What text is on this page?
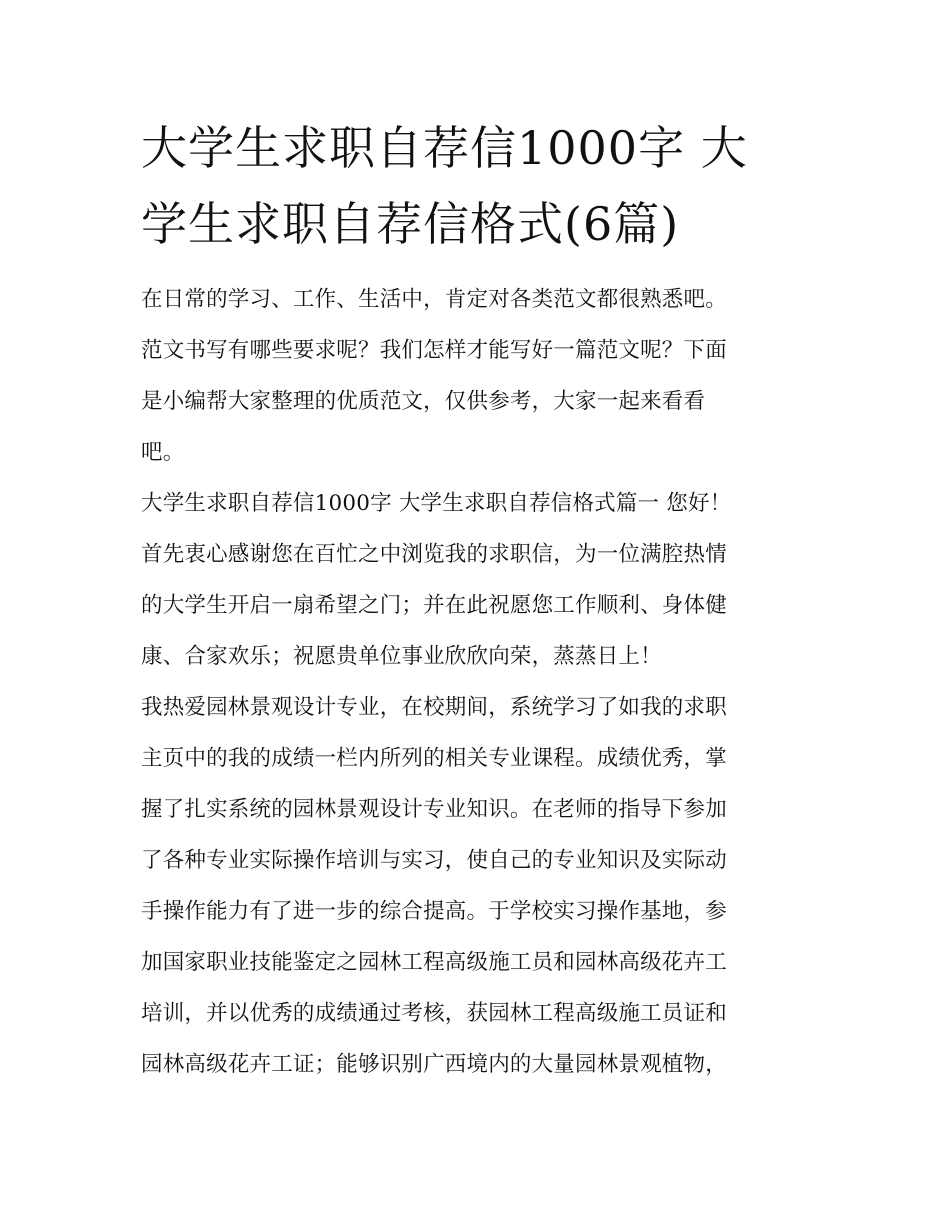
大学生求职自荐信1000字 大
学生求职自荐信格式(6篇)
在日常的学习、工作、生活中，肯定对各类范文都很熟悉吧。
范文书写有哪些要求呢？我们怎样才能写好一篇范文呢？下面
是小编帮大家整理的优质范文，仅供参考，大家一起来看看
吧。
大学生求职自荐信1000字 大学生求职自荐信格式篇一 您好！
首先衷心感谢您在百忙之中浏览我的求职信，为一位满腔热情
的大学生开启一扇希望之门；并在此祝愿您工作顺利、身体健
康、合家欢乐；祝愿贵单位事业欣欣向荣，蒸蒸日上！
我热爱园林景观设计专业，在校期间，系统学习了如我的求职
主页中的我的成绩一栏内所列的相关专业课程。成绩优秀，掌
握了扎实系统的园林景观设计专业知识。在老师的指导下参加
了各种专业实际操作培训与实习，使自己的专业知识及实际动
手操作能力有了进一步的综合提高。于学校实习操作基地，参
加国家职业技能鉴定之园林工程高级施工员和园林高级花卉工
培训，并以优秀的成绩通过考核，获园林工程高级施工员证和
园林高级花卉工证；能够识别广西境内的大量园林景观植物，
